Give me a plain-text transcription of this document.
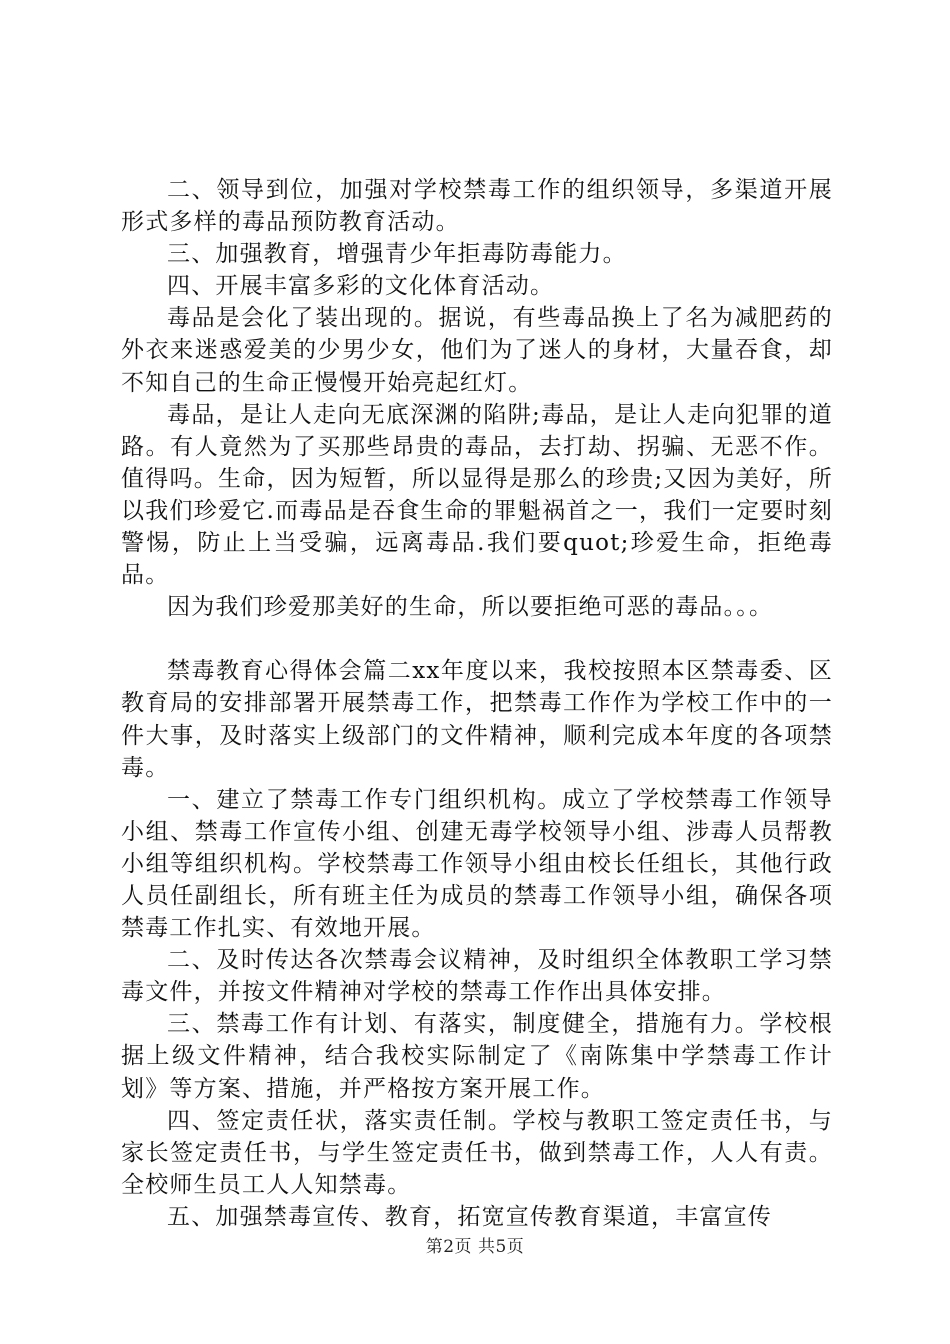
二、领导到位，加强对学校禁毒工作的组织领导，多渠道开展形式多样的毒品预防教育活动。

三、加强教育，增强青少年拒毒防毒能力。

四、开展丰富多彩的文化体育活动。

毒品是会化了装出现的。据说，有些毒品换上了名为减肥药的外衣来迷惑爱美的少男少女，他们为了迷人的身材，大量吞食，却不知自己的生命正慢慢开始亮起红灯。

毒品，是让人走向无底深渊的陷阱;毒品，是让人走向犯罪的道路。有人竟然为了买那些昂贵的毒品，去打劫、拐骗、无恶不作。值得吗。生命，因为短暂，所以显得是那么的珍贵;又因为美好，所以我们珍爱它.而毒品是吞食生命的罪魁祸首之一，我们一定要时刻警惕，防止上当受骗，远离毒品.我们要quot;珍爱生命，拒绝毒品。

因为我们珍爱那美好的生命，所以要拒绝可恶的毒品。。。

禁毒教育心得体会篇二xx年度以来，我校按照本区禁毒委、区教育局的安排部署开展禁毒工作，把禁毒工作作为学校工作中的一件大事，及时落实上级部门的文件精神，顺利完成本年度的各项禁毒。

一、建立了禁毒工作专门组织机构。成立了学校禁毒工作领导小组、禁毒工作宣传小组、创建无毒学校领导小组、涉毒人员帮教小组等组织机构。学校禁毒工作领导小组由校长任组长，其他行政人员任副组长，所有班主任为成员的禁毒工作领导小组，确保各项禁毒工作扎实、有效地开展。

二、及时传达各次禁毒会议精神，及时组织全体教职工学习禁毒文件，并按文件精神对学校的禁毒工作作出具体安排。

三、禁毒工作有计划、有落实，制度健全，措施有力。学校根据上级文件精神，结合我校实际制定了《南陈集中学禁毒工作计划》等方案、措施，并严格按方案开展工作。

四、签定责任状，落实责任制。学校与教职工签定责任书，与家长签定责任书，与学生签定责任书，做到禁毒工作，人人有责。全校师生员工人人知禁毒。

五、加强禁毒宣传、教育，拓宽宣传教育渠道，丰富宣传

第2页 共5页
